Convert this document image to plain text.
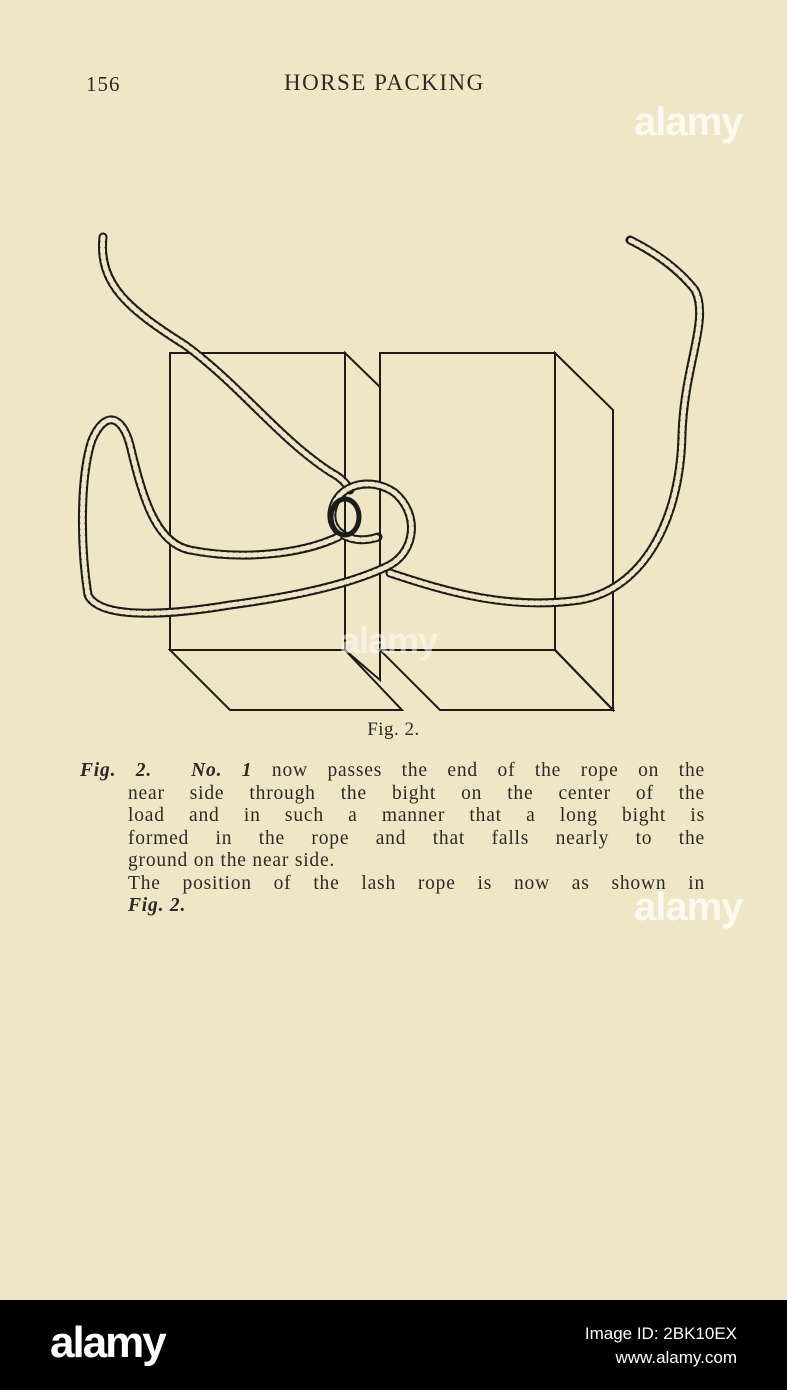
156	HORSE PACKING
Fig. 2.

Fig. 2. No. 1 now passes the end of the rope on the

near side through the bight on the center of the

load and in such a manner that a long bight is

formed in the rope and that falls nearly to the

ground on the near side.

The position of the lash rope is now as shown in

Fig. 2.

alamy
alamy
alamy
alamy	Image ID: 2BK10EX
www.alamy.com
